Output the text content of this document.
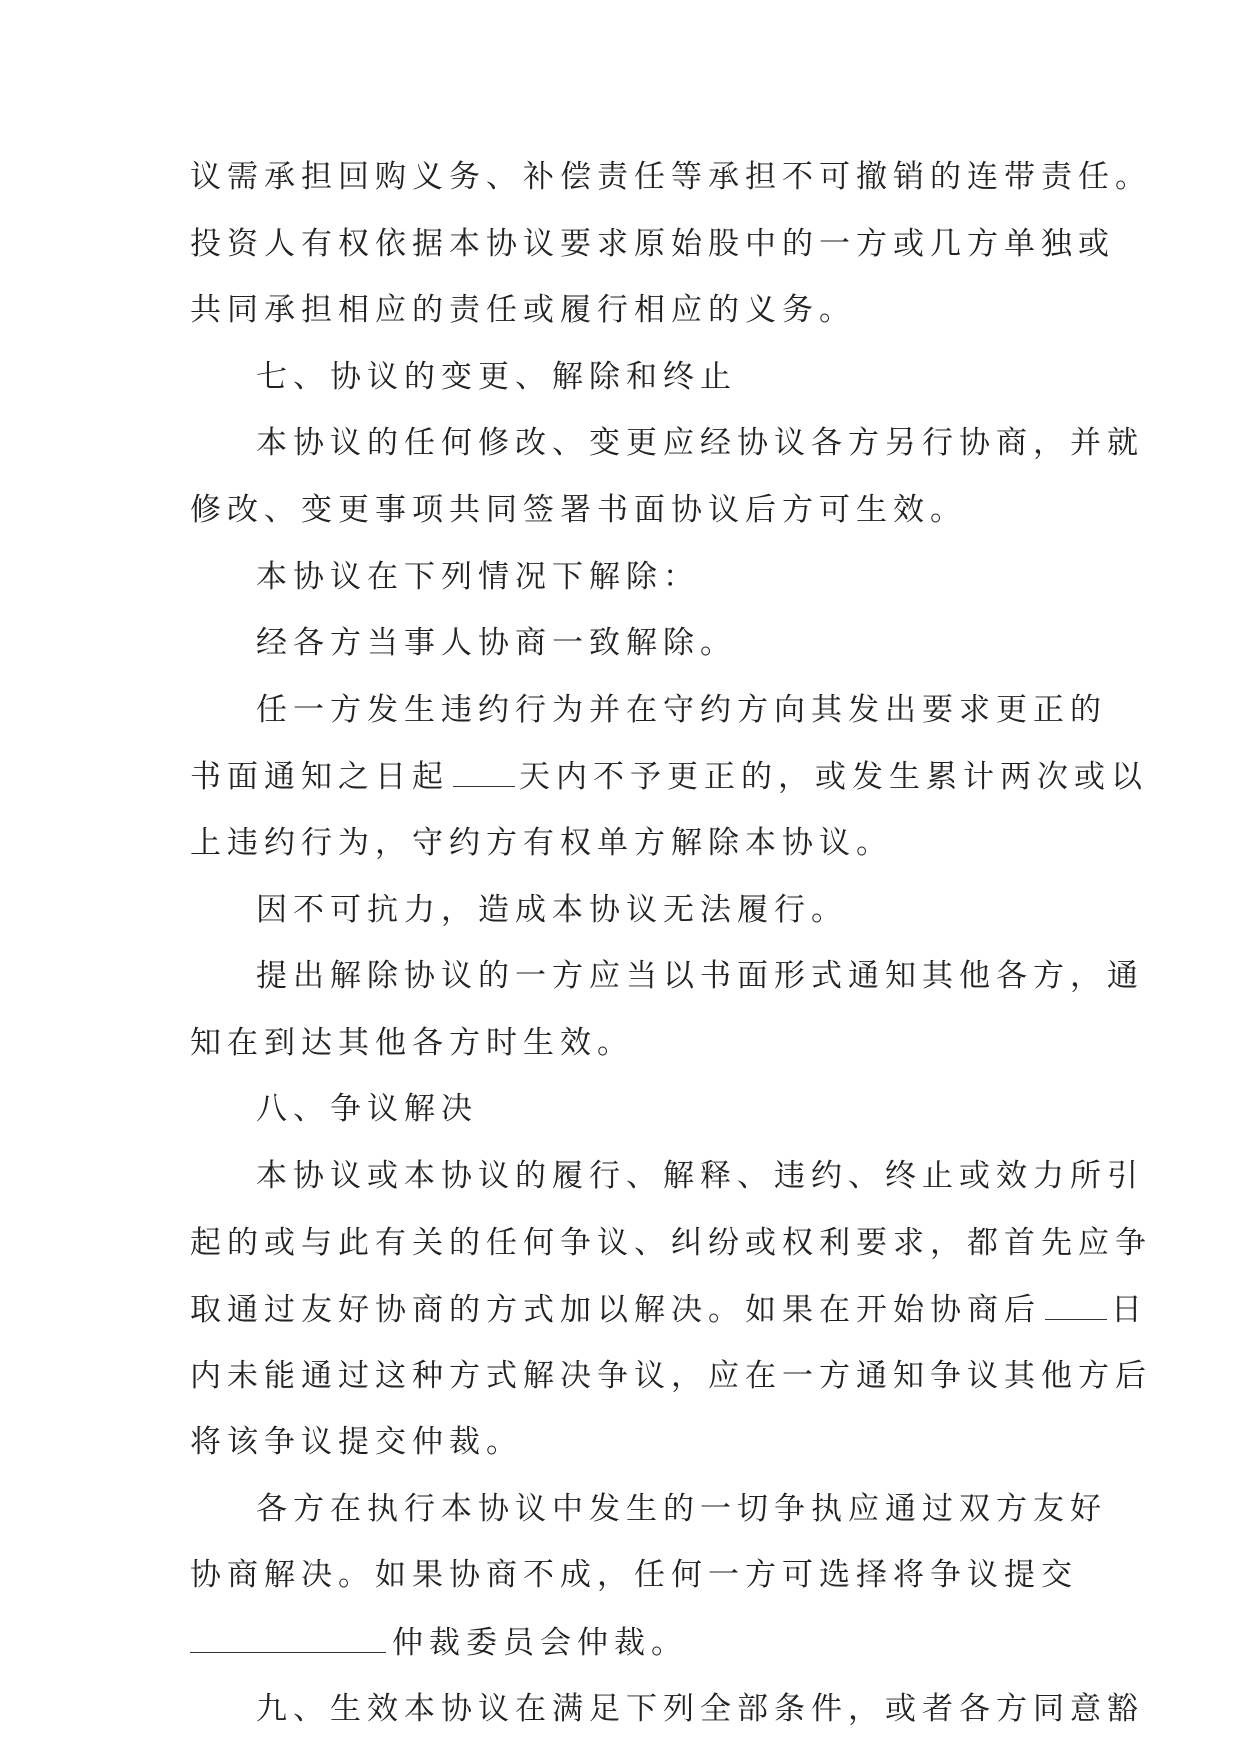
议需承担回购义务、补偿责任等承担不可撤销的连带责任。
投资人有权依据本协议要求原始股中的一方或几方单独或
共同承担相应的责任或履行相应的义务。
七、协议的变更、解除和终止
本协议的任何修改、变更应经协议各方另行协商，并就
修改、变更事项共同签署书面协议后方可生效。
本协议在下列情况下解除：
经各方当事人协商一致解除。
任一方发生违约行为并在守约方向其发出要求更正的
书面通知之日起 天内不予更正的，或发生累计两次或以
上违约行为，守约方有权单方解除本协议。
因不可抗力，造成本协议无法履行。
提出解除协议的一方应当以书面形式通知其他各方，通
知在到达其他各方时生效。
八、争议解决
本协议或本协议的履行、解释、违约、终止或效力所引
起的或与此有关的任何争议、纠纷或权利要求，都首先应争
取通过友好协商的方式加以解决。如果在开始协商后 日
内未能通过这种方式解决争议，应在一方通知争议其他方后
将该争议提交仲裁。
各方在执行本协议中发生的一切争执应通过双方友好
协商解决。如果协商不成，任何一方可选择将争议提交
仲裁委员会仲裁。
九、生效本协议在满足下列全部条件，或者各方同意豁
